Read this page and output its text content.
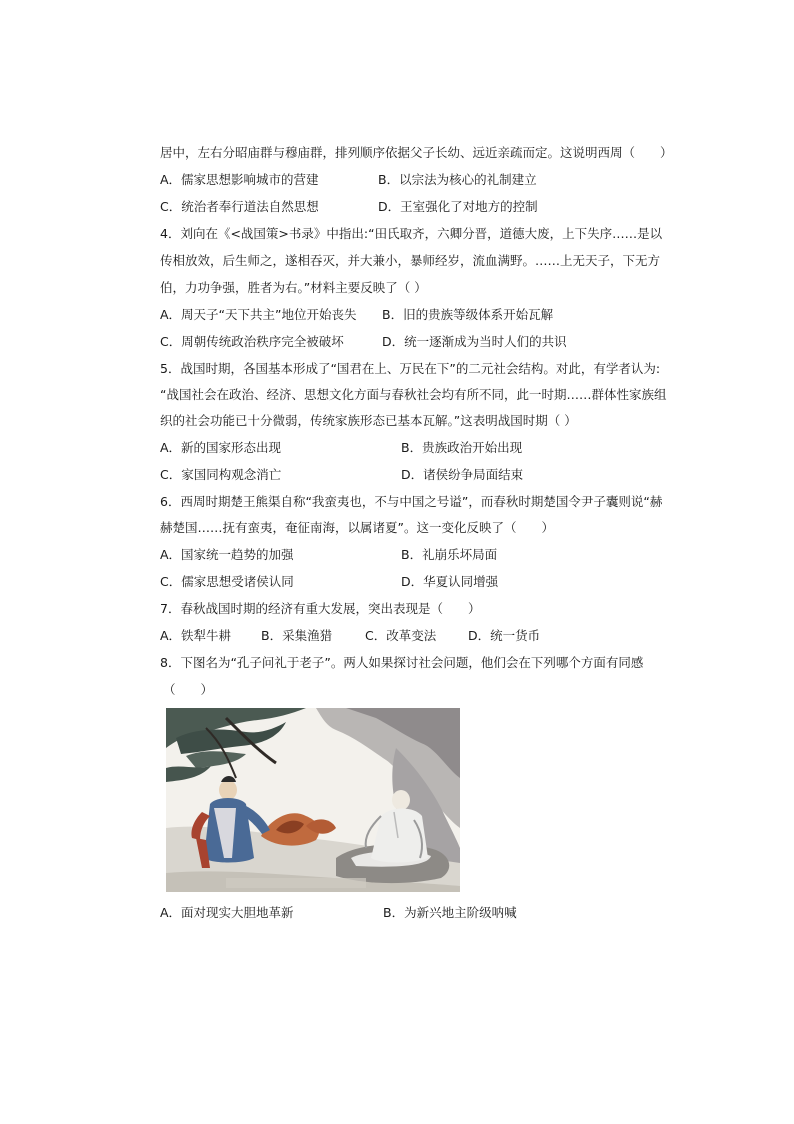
居中，左右分昭庙群与穆庙群，排列顺序依据父子长幼、远近亲疏而定。这说明西周（　　）
A．儒家思想影响城市的营建	B．以宗法为核心的礼制建立
C．统治者奉行道法自然思想	D．王室强化了对地方的控制
4．刘向在《<战国策>书录》中指出:“田氏取齐，六卿分晋，道德大废，上下失序……是以
传相放效，后生师之，遂相吞灭，并大兼小，暴师经岁，流血满野。……上无天子，下无方
伯，力功争强，胜者为右。”材料主要反映了（ ）
A．周天子“天下共主”地位开始丧失 B．旧的贵族等级体系开始瓦解
C．周朝传统政治秩序完全被破坏	D．统一逐渐成为当时人们的共识
5．战国时期，各国基本形成了“国君在上、万民在下”的二元社会结构。对此，有学者认为:
“战国社会在政治、经济、思想文化方面与春秋社会均有所不同，此一时期……群体性家族组
织的社会功能已十分微弱，传统家族形态已基本瓦解。”这表明战国时期（ ）
A．新的国家形态出现	B．贵族政治开始出现
C．家国同构观念消亡	D．诸侯纷争局面结束
6．西周时期楚王熊渠自称“我蛮夷也，不与中国之号谥”，而春秋时期楚国令尹子囊则说“赫
赫楚国……抚有蛮夷，奄征南海，以属诸夏”。这一变化反映了（　　）
A．国家统一趋势的加强	B．礼崩乐坏局面
C．儒家思想受诸侯认同	D．华夏认同增强
7．春秋战国时期的经济有重大发展，突出表现是（　　）
A．铁犁牛耕 B．采集渔猎	C．改革变法	D．统一货币
8．下图名为“孔子问礼于老子”。两人如果探讨社会问题，他们会在下列哪个方面有同感
（　　）
A．面对现实大胆地革新	B．为新兴地主阶级呐喊
